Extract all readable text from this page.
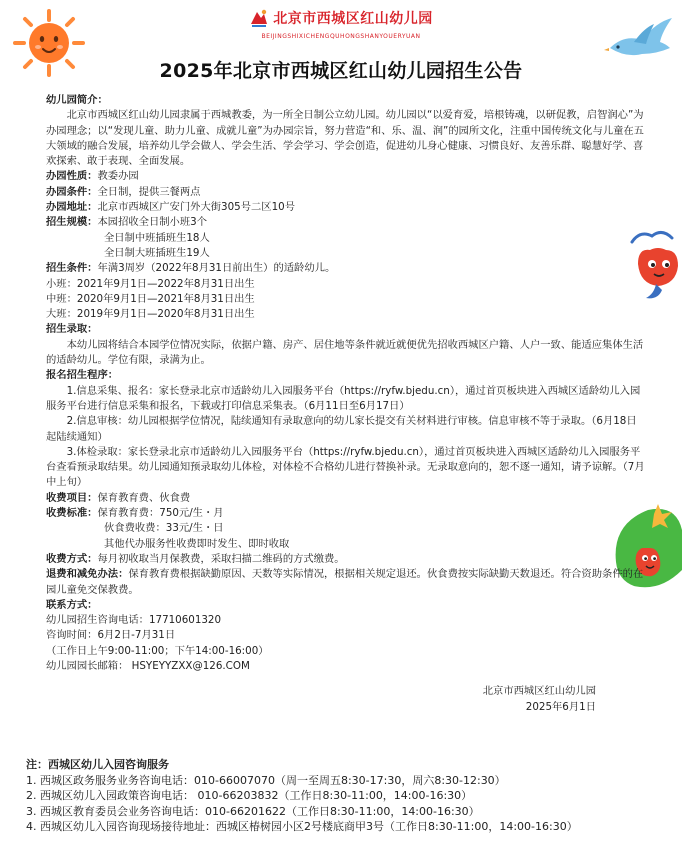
北京市西城区红山幼儿园
BEIJINGSHIXICHENGQUHONGSHANYOUERYUAN
2025年北京市西城区红山幼儿园招生公告

幼儿园简介：

北京市西城区红山幼儿园隶属于西城教委，为一所全日制公立幼儿园。幼儿园以“以爱育爱，培根铸魂，以研促教，启智润心”为办园理念；以“发现儿童、助力儿童、成就儿童”为办园宗旨，努力营造“和、乐、温、润”的园所文化，注重中国传统文化与儿童在五大领域的融合发展，培养幼儿学会做人、学会生活、学会学习、学会创造，促进幼儿身心健康、习惯良好、友善乐群、聪慧好学、喜欢探索、敢于表现、全面发展。

办园性质：教委办园

办园条件：全日制，提供三餐两点

办园地址：北京市西城区广安门外大街305号二区10号

招生规模：本园招收全日制小班3个

全日制中班插班生18人

全日制大班插班生19人

招生条件：年满3周岁（2022年8月31日前出生）的适龄幼儿。

小班：2021年9月1日—2022年8月31日出生

中班：2020年9月1日—2021年8月31日出生

大班：2019年9月1日—2020年8月31日出生

招生录取：

本幼儿园将结合本园学位情况实际，依据户籍、房产、居住地等条件就近就便优先招收西城区户籍、人户一致、能适应集体生活的适龄幼儿。学位有限，录满为止。

报名招生程序：

1.信息采集、报名：家长登录北京市适龄幼儿入园服务平台（https://ryfw.bjedu.cn），通过首页板块进入西城区适龄幼儿入园服务平台进行信息采集和报名，下载或打印信息采集表。（6月11日至6月17日）

2.信息审核：幼儿园根据学位情况，陆续通知有录取意向的幼儿家长提交有关材料进行审核。信息审核不等于录取。（6月18日起陆续通知）

3.体检录取：家长登录北京市适龄幼儿入园服务平台（https://ryfw.bjedu.cn），通过首页板块进入西城区适龄幼儿入园服务平台查看预录取结果。幼儿园通知预录取幼儿体检，对体检不合格幼儿进行替换补录。无录取意向的，恕不逐一通知，请予谅解。（7月中上旬）

收费项目：保育教育费、伙食费

收费标准：保育教育费：750元/生・月

伙食费收费：33元/生・日

其他代办服务性收费即时发生、即时收取

收费方式：每月初收取当月保教费，采取扫描二维码的方式缴费。

退费和减免办法：保育教育费根据缺勤原因、天数等实际情况，根据相关规定退还。伙食费按实际缺勤天数退还。符合资助条件的在园儿童免交保教费。

联系方式：

幼儿园招生咨询电话：17710601320

咨询时间：6月2日-7月31日

（工作日上午9:00-11:00；下午14:00-16:00）

幼儿园园长邮箱： HSYEYYZXX@126.COM

北京市西城区红山幼儿园

2025年6月1日

注：西城区幼儿入园咨询服务

1. 西城区政务服务业务咨询电话：010-66007070（周一至周五8:30-17:30，周六8:30-12:30）

2. 西城区幼儿入园政策咨询电话： 010-66203832（工作日8:30-11:00，14:00-16:30）

3. 西城区教育委员会业务咨询电话：010-66201622（工作日8:30-11:00，14:00-16:30）

4. 西城区幼儿入园咨询现场接待地址：西城区椿树园小区2号楼底商甲3号（工作日8:30-11:00，14:00-16:30）
